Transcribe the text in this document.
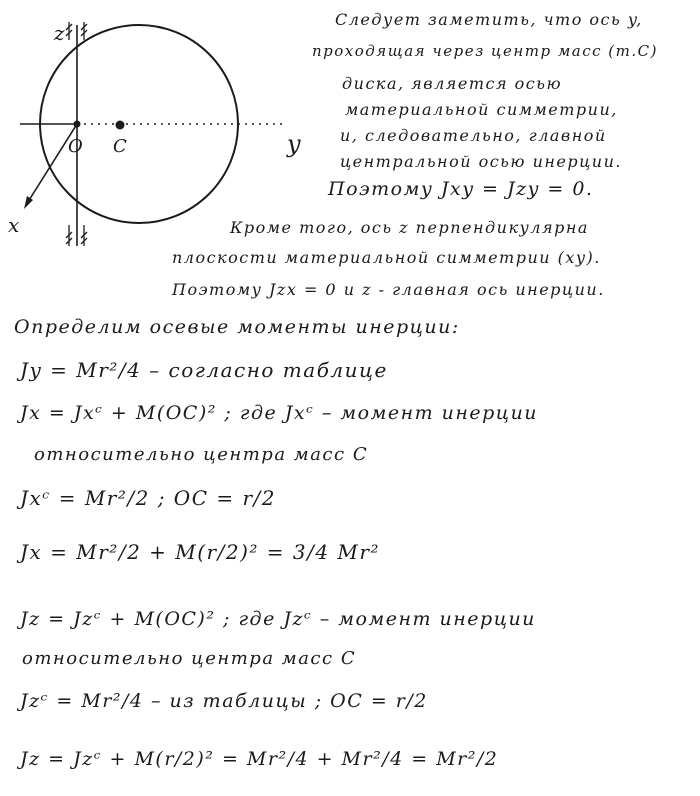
z
y
x
O C

Следует заметить, что ось y,

проходящая через центр масс (т.С)

диска, является осью

материальной симметрии,

и, следовательно, главной

центральной осью инерции.

Поэтому Jxy = Jzy = 0.

Кроме того, ось z перпендикулярна

плоскости материальной симметрии (xy).

Поэтому Jzx = 0 и z - главная ось инерции.

Определим осевые моменты инерции:

Jy = Mr²/4 – согласно таблице

Jx = Jxᶜ + M(OC)² ; где Jxᶜ – момент инерции

относительно центра масс C

Jxᶜ = Mr²/2 ; OC = r/2

Jx = Mr²/2 + M(r/2)² = 3/4 Mr²

Jz = Jzᶜ + M(OC)² ; где Jzᶜ – момент инерции

относительно центра масс C

Jzᶜ = Mr²/4 – из таблицы ; OC = r/2

Jz = Jzᶜ + M(r/2)² = Mr²/4 + Mr²/4 = Mr²/2
